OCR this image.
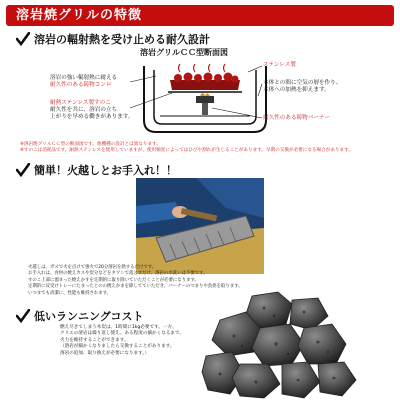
溶岩焼グリルの特徴
溶岩の輻射熱を受け止める耐久設計
溶岩グリルＣＣ型断面図
溶岩の強い輻射熱に耐える
耐久性のある鋳物コンロ
耐熱ステンレス製すのこ
耐久性を共に、溶岩の立ち
上がりを早める働きがあります。
ステンレス製
本体との間に空気の層を作り、
本体への加熱を抑えます。
耐久性のある鋳物バーナー
※溶岩焼グリルＣＣ型の断面図です。他機種の設計とは異なります。
※すのこは消耗品です。耐熱ステンレスを使用していますが、使用頻度によってはひびや割れが生じることがあります。早期の交換が必要になる場合があります。
簡単！火越しとお手入れ！！
火越しは、ガスで火を点けて強火で20分溶岩を熱するだけです。
お手入れは、食材の焼えカスや炭分などをタワシで落とすだけ。溶岩の水洗いは不要です。
すのこ上部に溜まった焼えかすを定期的に取り除いていただくことが必要になります。
定期的に反受けトレーにたまったとのの焼えかまを除してていただき、バーナーのつまりや負担を取ります。
いつまでも清潔に、性能も維持されます。
低いランニングコスト
燃え尽きてしまう木炭は、1時間に1kg必要です。一方、
クリエの溶岩は繰り返し使え、ある程度の細かくなるまで、
火力を維持することができます。
（溶岩が細かくなりましたら交換することがあります。
溶岩の追加、取り換えが必要になります。）
